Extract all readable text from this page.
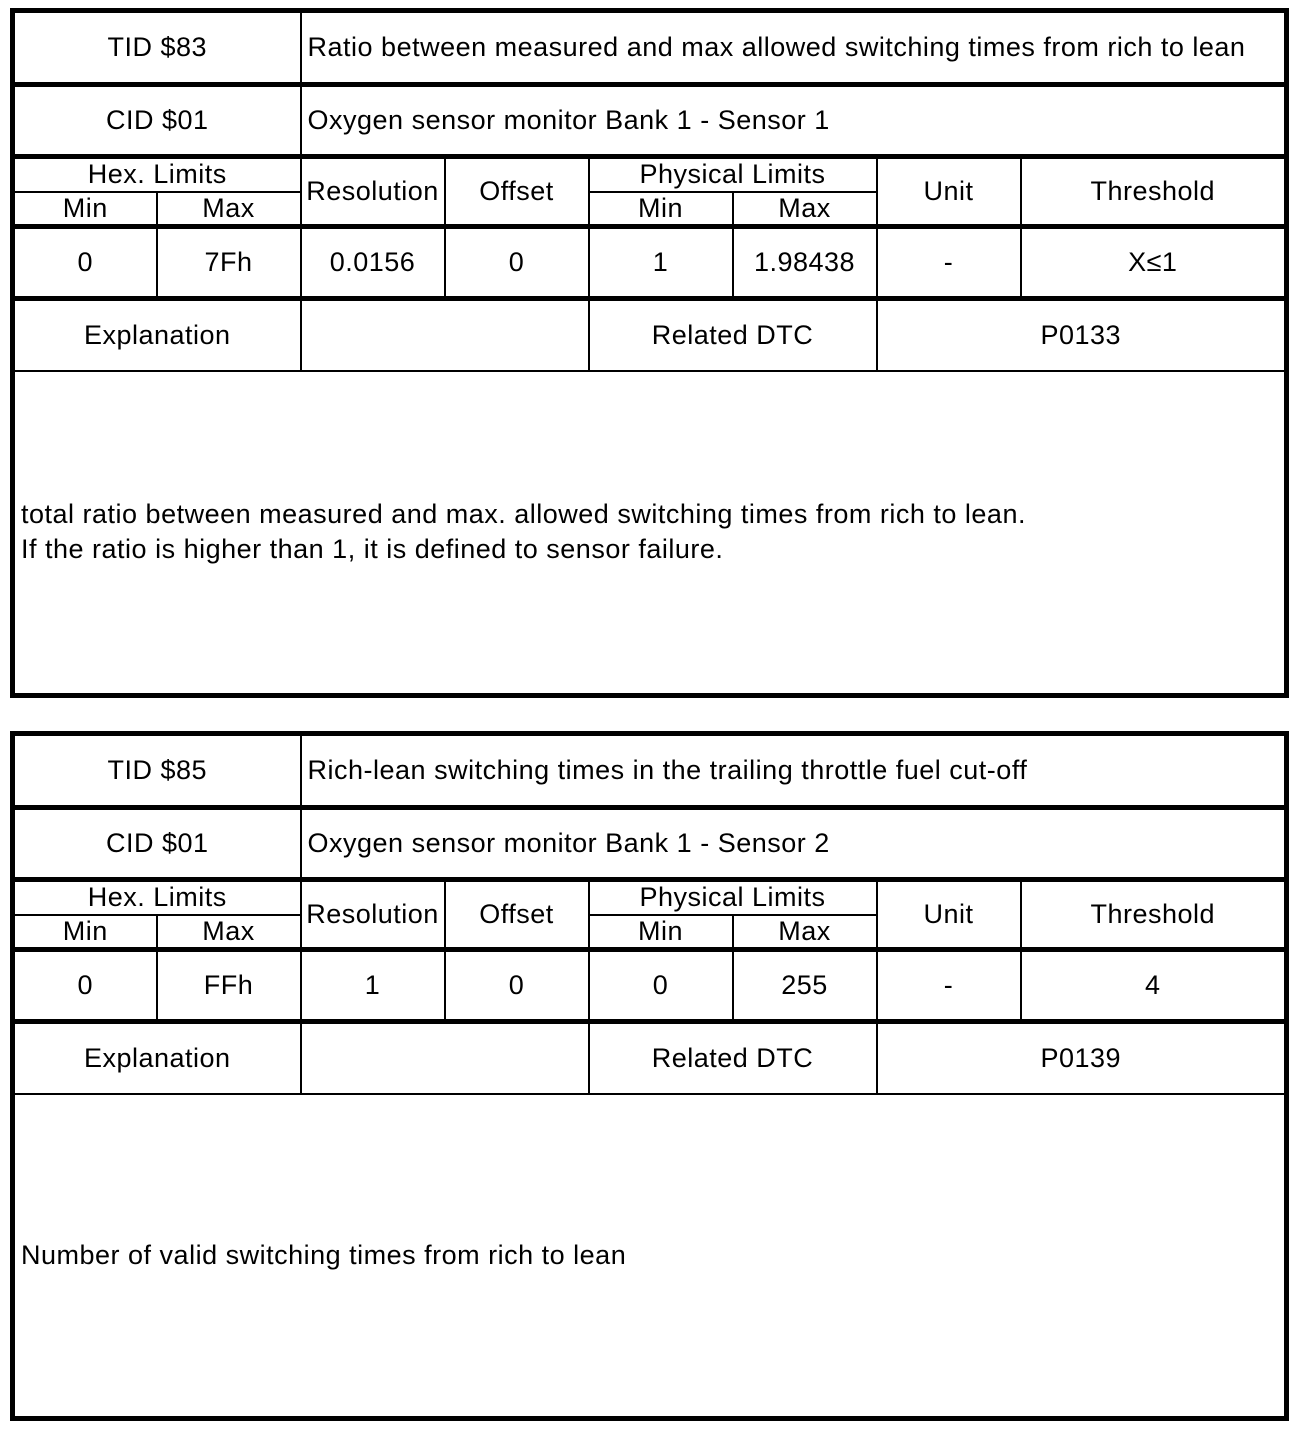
TID $83		Ratio between measured and max allowed switching times from rich to lean					
CID $01		Oxygen sensor monitor Bank 1 - Sensor 1					
Hex. Limits		Resolution	Offset	Physical Limits		Unit	Threshold
Min	Max			Min	Max		
0	7Fh	0.0156	0	1	1.98438	-	X≤1
Explanation				Related DTC		P0133	

total ratio between measured and max. allowed switching times from rich to lean.
If the ratio is higher than 1, it is defined to sensor failure.							
TID $85		Rich-lean switching times in the trailing throttle fuel cut-off					
CID $01		Oxygen sensor monitor Bank 1 - Sensor 2					
Hex. Limits		Resolution	Offset	Physical Limits		Unit	Threshold
Min	Max			Min	Max		
0	FFh	1	0	0	255	-	4
Explanation				Related DTC		P0139	

Number of valid switching times from rich to lean							
